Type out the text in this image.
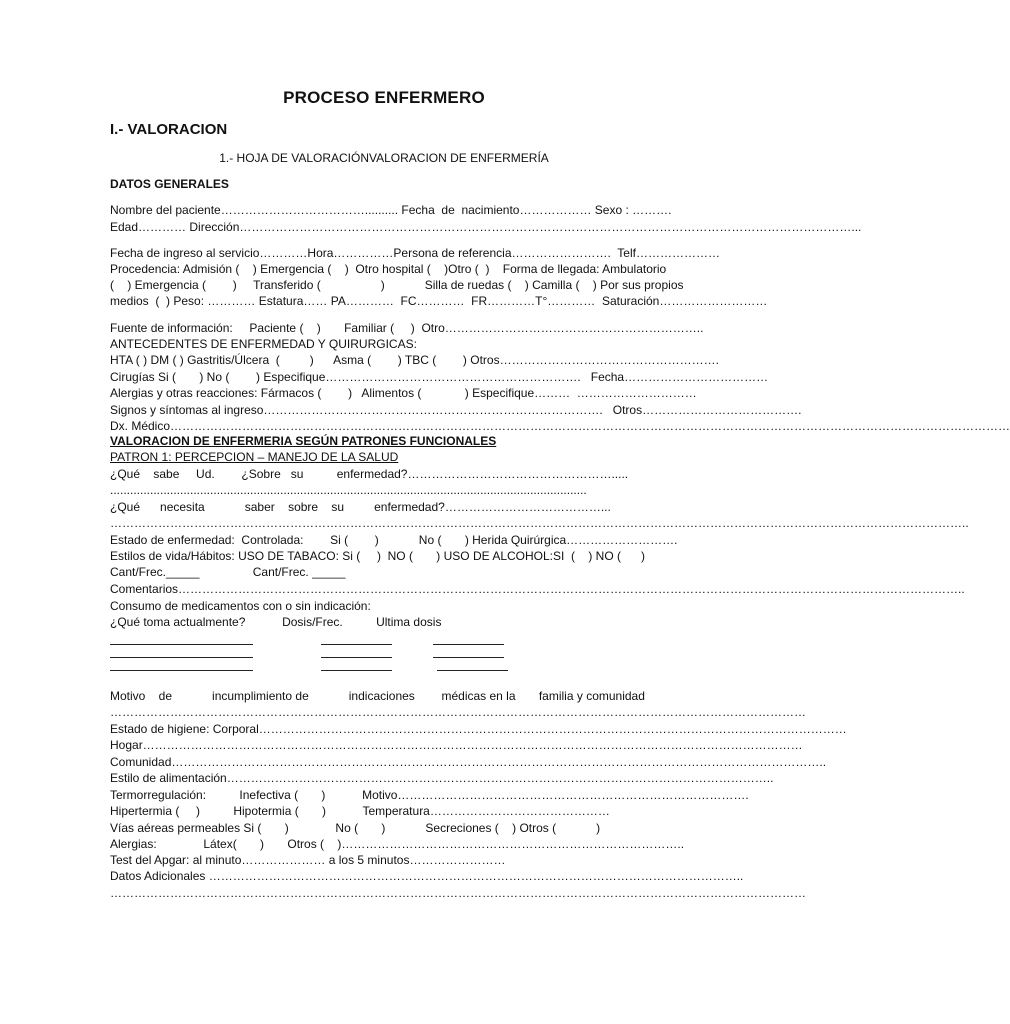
PROCESO ENFERMERO
I.- VALORACION
1.- HOJA DE VALORACIÓNVALORACION DE ENFERMERÍA
DATOS GENERALES
Nombre del paciente……………………………….......... Fecha  de  nacimiento……………… Sexo : ……….
Edad………… Dirección………………………………………………………………………………………………………………………………………...
Fecha de ingreso al servicio…………Hora……………Persona de referencia…………………….  Telf…………………
Procedencia: Admisión (    ) Emergencia (    )  Otro hospital (    )Otro (  )    Forma de llegada: Ambulatorio
(    ) Emergencia (        )     Transferido (                  )            Silla de ruedas (    ) Camilla (    ) Por sus propios
medios  (  ) Peso: ………… Estatura…… PA…………  FC…………  FR…………T°…………  Saturación………………………
Fuente de información:     Paciente (    )       Familiar (     )  Otro………………………………………………………..
ANTECEDENTES DE ENFERMEDAD Y QUIRURGICAS:
HTA ( ) DM ( ) Gastritis/Úlcera  (         )      Asma (        ) TBC (        ) Otros……………………………………………….
Cirugías Si (       ) No (        ) Especifique……………………………………………………….   Fecha………………………………
Alergias y otras reacciones: Fármacos (        )   Alimentos (             ) Especifique………  …………………………
Signos y síntomas al ingreso………………………………………………………………………….   Otros………………………………….
Dx. Médico…………………………………………………………………………………………………………………………………………………………………………………………
VALORACION DE ENFERMERIA SEGÚN PATRONES FUNCIONALES
PATRON 1: PERCEPCION – MANEJO DE LA SALUD
¿Qué    sabe     Ud.        ¿Sobre   su          enfermedad?…………………………………………….....
...............................................................................................................................................
¿Qué      necesita            saber    sobre    su         enfermedad?…………………………………...
……………………………………………………………………………………………………………………………………………………………………………………………..
Estado de enfermedad:  Controlada:        Si (        )            No (       ) Herida Quirúrgica……………………….
Estilos de vida/Hábitos: USO DE TABACO: Si (     )  NO (       ) USO DE ALCOHOL:SI  (    ) NO (      )
Cant/Frec._____                Cant/Frec. _____
Comentarios……………………………………………………………………………………………………………………………………………………………………………..
Consumo de medicamentos con o sin indicación:
¿Qué toma actualmente?           Dosis/Frec.          Ultima dosis
Motivo    de            incumplimiento de            indicaciones        médicas en la       familia y comunidad
…………………………………………………………………………………………………………………………………………………………
Estado de higiene: Corporal…………………………………………………………………………………………………………………………………
Hogar…………………………………………………………………………………………………………………………………………………
Comunidad………………………………………………………………………………………………………………………………………………..
Estilo de alimentación………………………………………………………………………………………………………………………..
Termorregulación:          Inefectiva (       )           Motivo…………………………………………………………………………….
Hipertermia (     )          Hipotermia (       )           Temperatura………………………………………
Vías aéreas permeables Si (       )              No (       )            Secreciones (    ) Otros (            )
Alergias:              Látex(       )       Otros (    )…………………………………………………………………………..
Test del Apgar: al minuto………………… a los 5 minutos……………………
Datos Adicionales ……………………………………………………………………………………………………………………..
…………………………………………………………………………………………………………………………………………………………
